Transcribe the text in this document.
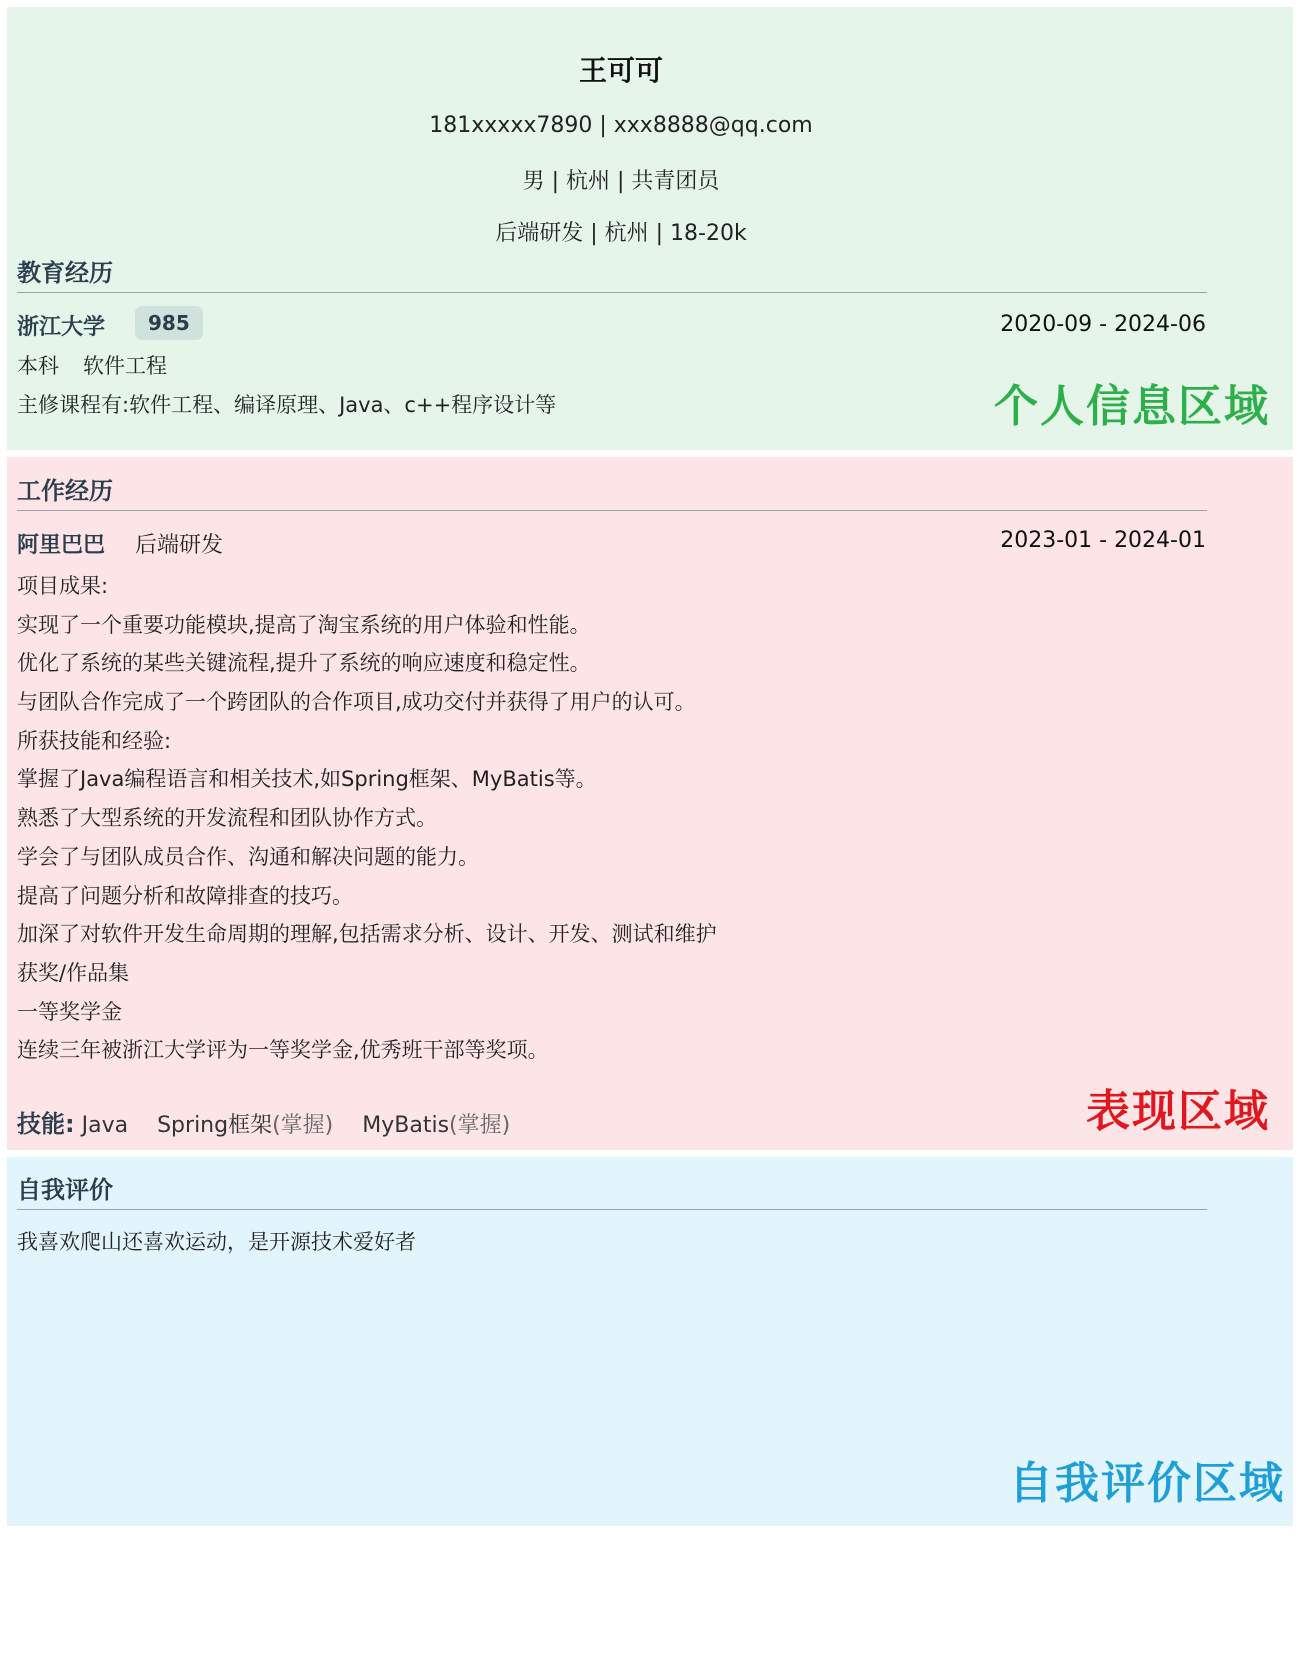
王可可
181xxxxx7890 | xxx8888@qq.com
男 | 杭州 | 共青团员
后端研发 | 杭州 | 18-20k
教育经历
浙江大学	985	2020-09 - 2024-06
本科 软件工程
主修课程有:软件工程、编译原理、Java、c++程序设计等	个人信息区域
工作经历
阿里巴巴 后端研发	2023-01 - 2024-01
项目成果:
实现了一个重要功能模块,提高了淘宝系统的用户体验和性能。
优化了系统的某些关键流程,提升了系统的响应速度和稳定性。
与团队合作完成了一个跨团队的合作项目,成功交付并获得了用户的认可。
所获技能和经验:
掌握了Java编程语言和相关技术,如Spring框架、MyBatis等。
熟悉了大型系统的开发流程和团队协作方式。
学会了与团队成员合作、沟通和解决问题的能力。
提高了问题分析和故障排查的技巧。
加深了对软件开发生命周期的理解,包括需求分析、设计、开发、测试和维护
获奖/作品集
一等奖学金
连续三年被浙江大学评为一等奖学金,优秀班干部等奖项。
技能: Java Spring框架(掌握) MyBatis(掌握)	表现区域
自我评价
我喜欢爬山还喜欢运动，是开源技术爱好者
自我评价区域
